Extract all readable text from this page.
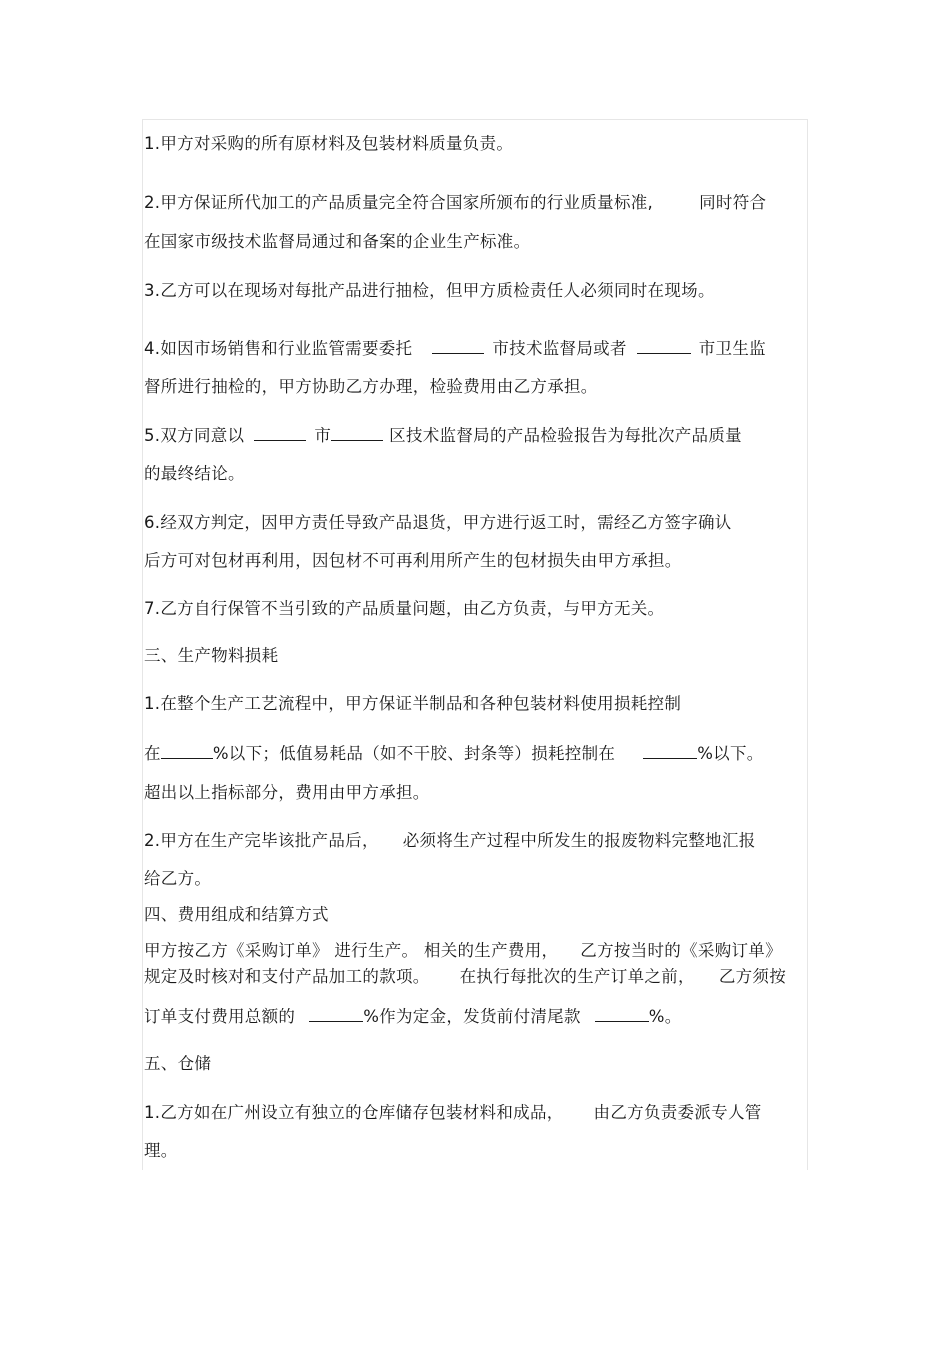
1.甲方对采购的所有原材料及包装材料质量负责。
2.甲方保证所代加工的产品质量完全符合国家所颁布的行业质量标准,	同时符合
在国家市级技术监督局通过和备案的企业生产标准。
3.乙方可以在现场对每批产品进行抽检，但甲方质检责任人必须同时在现场。
4.如因市场销售和行业监管需要委托	市技术监督局或者	市卫生监
督所进行抽检的，甲方协助乙方办理，检验费用由乙方承担。
5.双方同意以	市	区技术监督局的产品检验报告为每批次产品质量
的最终结论。
6.经双方判定，因甲方责任导致产品退货，甲方进行返工时，需经乙方签字确认
后方可对包材再利用，因包材不可再利用所产生的包材损失由甲方承担。
7.乙方自行保管不当引致的产品质量问题，由乙方负责，与甲方无关。
三、生产物料损耗
1.在整个生产工艺流程中，甲方保证半制品和各种包装材料使用损耗控制
在	%以下；低值易耗品（如不干胶、封条等）损耗控制在	%以下。
超出以上指标部分，费用由甲方承担。
2.甲方在生产完毕该批产品后， 必须将生产过程中所发生的报废物料完整地汇报
给乙方。
四、费用组成和结算方式
甲方按乙方《采购订单》 进行生产。 相关的生产费用， 乙方按当时的《采购订单》
规定及时核对和支付产品加工的款项。 在执行每批次的生产订单之前， 乙方须按
订单支付费用总额的	%作为定金，发货前付清尾款	%。
五、仓储
1.乙方如在广州设立有独立的仓库储存包装材料和成品， 由乙方负责委派专人管
理。
